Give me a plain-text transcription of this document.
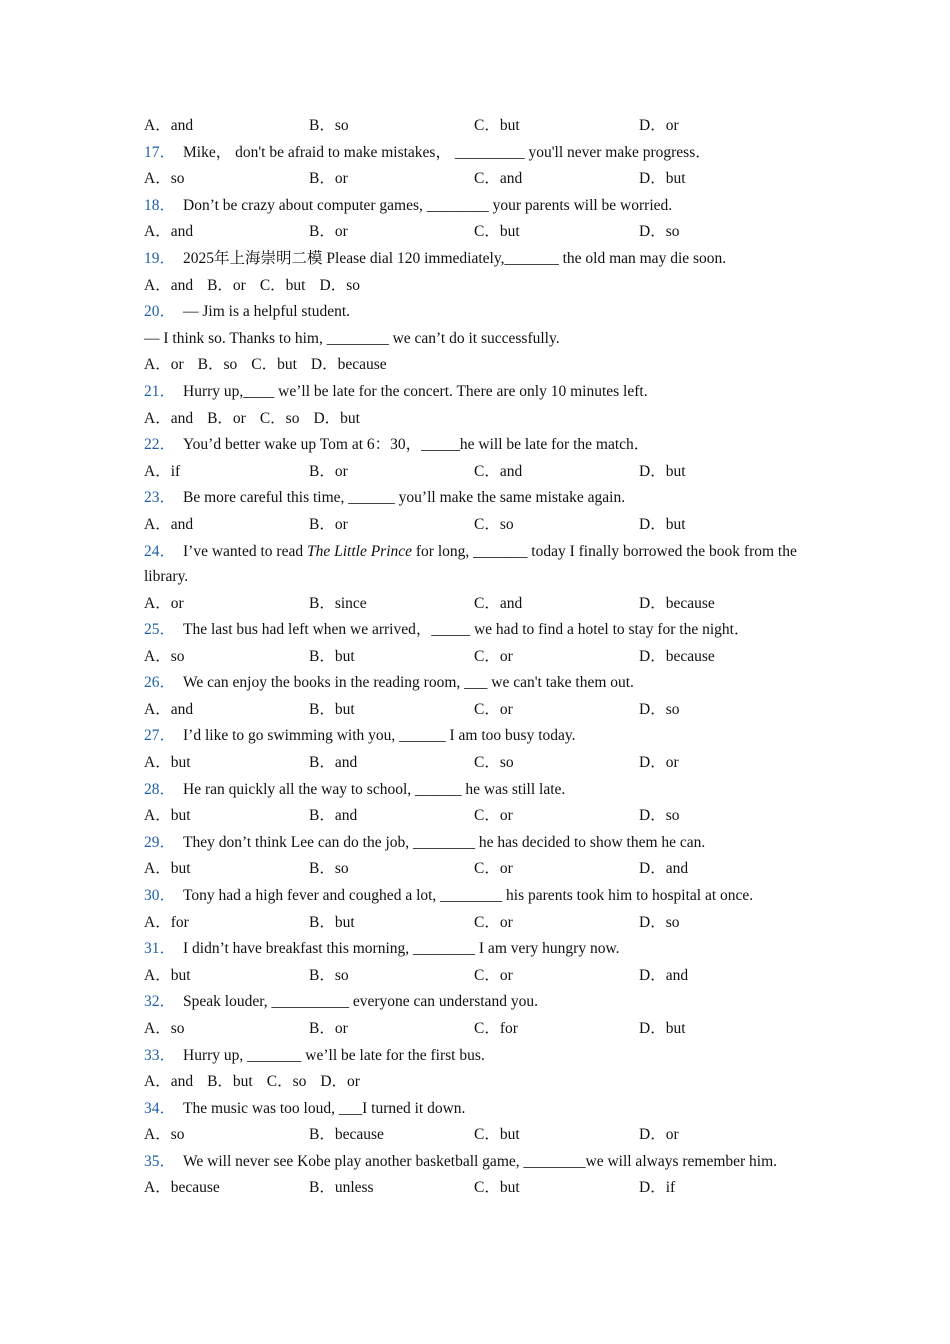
A．and	B．so	C．but	D．or
17． Mike， don't be afraid to make mistakes， _________ you'll never make progress．
A．so	B．or	C．and	D．but
18． Don’t be crazy about computer games, ________ your parents will be worried.
A．and	B．or	C．but	D．so
19． 2025年上海崇明二模 Please dial 120 immediately,_______ the old man may die soon.
A．and B．or C．but D．so
20． — Jim is a helpful student.
— I think so. Thanks to him, ________ we can’t do it successfully.
A．or B．so C．but D．because
21． Hurry up,____ we’ll be late for the concert. There are only 10 minutes left.
A．and B．or C．so D．but
22． You’d better wake up Tom at 6：30，_____he will be late for the match．
A．if	B．or	C．and	D．but
23． Be more careful this time, ______ you’ll make the same mistake again.
A．and	B．or	C．so	D．but
24． I’ve wanted to read The Little Prince for long, _______ today I finally borrowed the book from the library.
A．or	B．since	C．and	D．because
25． The last bus had left when we arrived，_____ we had to find a hotel to stay for the night．
A．so	B．but	C．or	D．because
26． We can enjoy the books in the reading room, ___ we can't take them out.
A．and	B．but	C．or	D．so
27． I’d like to go swimming with you, ______ I am too busy today.
A．but	B．and	C．so	D．or
28． He ran quickly all the way to school, ______ he was still late.
A．but	B．and	C．or	D．so
29． They don’t think Lee can do the job, ________ he has decided to show them he can.
A．but	B．so	C．or	D．and
30． Tony had a high fever and coughed a lot, ________ his parents took him to hospital at once.
A．for	B．but	C．or	D．so
31． I didn’t have breakfast this morning, ________ I am very hungry now.
A．but	B．so	C．or	D．and
32． Speak louder, __________ everyone can understand you.
A．so	B．or	C．for	D．but
33． Hurry up, _______ we’ll be late for the first bus.
A．and B．but C．so D．or
34． The music was too loud, ___I turned it down.
A．so	B．because	C．but	D．or
35． We will never see Kobe play another basketball game, ________we will always remember him.
A．because	B．unless	C．but	D．if
